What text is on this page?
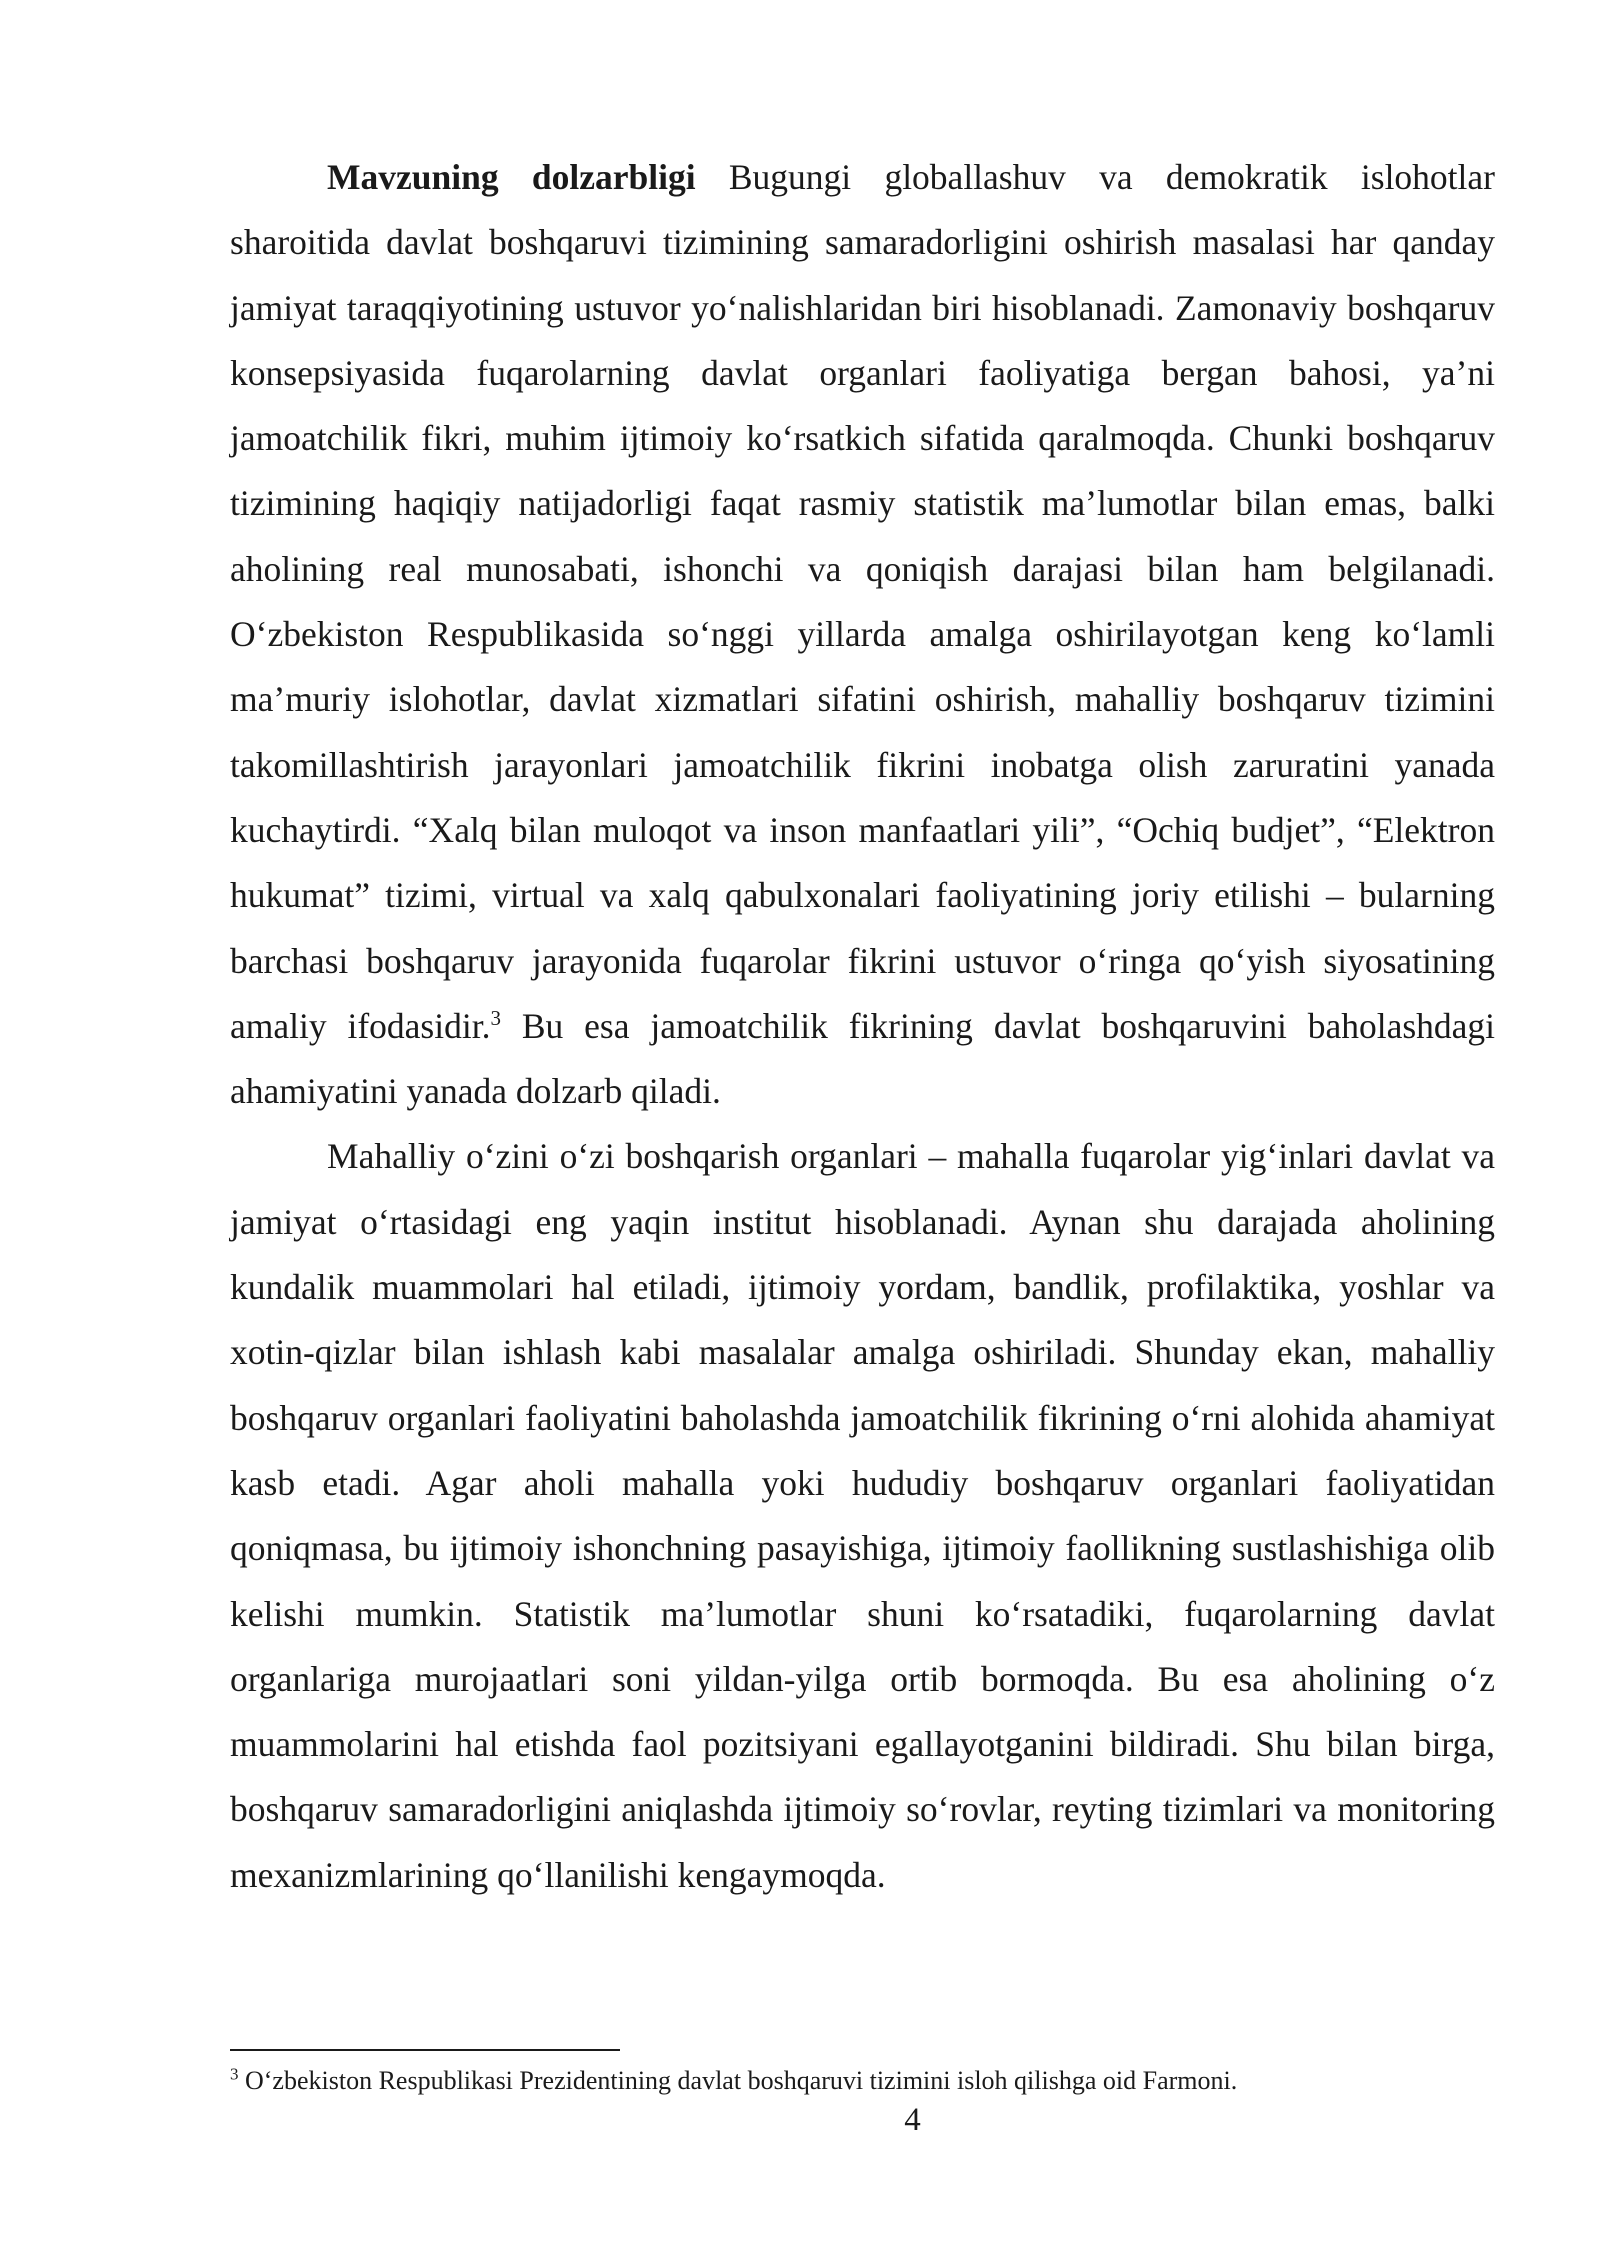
Mavzuning dolzarbligi Bugungi globallashuv va demokratik islohotlar sharoitida davlat boshqaruvi tizimining samaradorligini oshirish masalasi har qanday jamiyat taraqqiyotining ustuvor yo‘nalishlaridan biri hisoblanadi. Zamonaviy boshqaruv konsepsiyasida fuqarolarning davlat organlari faoliyatiga bergan bahosi, ya’ni jamoatchilik fikri, muhim ijtimoiy ko‘rsatkich sifatida qaralmoqda. Chunki boshqaruv tizimining haqiqiy natijadorligi faqat rasmiy statistik ma’lumotlar bilan emas, balki aholining real munosabati, ishonchi va qoniqish darajasi bilan ham belgilanadi. O‘zbekiston Respublikasida so‘nggi yillarda amalga oshirilayotgan keng ko‘lamli ma’muriy islohotlar, davlat xizmatlari sifatini oshirish, mahalliy boshqaruv tizimini takomillashtirish jarayonlari jamoatchilik fikrini inobatga olish zaruratini yanada kuchaytirdi. “Xalq bilan muloqot va inson manfaatlari yili”, “Ochiq budjet”, “Elektron hukumat” tizimi, virtual va xalq qabulxonalari faoliyatining joriy etilishi – bularning barchasi boshqaruv jarayonida fuqarolar fikrini ustuvor o‘ringa qo‘yish siyosatining amaliy ifodasidir.$^3$ Bu esa jamoatchilik fikrining davlat boshqaruvini baholashdagi ahamiyatini yanada dolzarb qiladi.

Mahalliy o‘zini o‘zi boshqarish organlari – mahalla fuqarolar yig‘inlari davlat va jamiyat o‘rtasidagi eng yaqin institut hisoblanadi. Aynan shu darajada aholining kundalik muammolari hal etiladi, ijtimoiy yordam, bandlik, profilaktika, yoshlar va xotin-qizlar bilan ishlash kabi masalalar amalga oshiriladi. Shunday ekan, mahalliy boshqaruv organlari faoliyatini baholashda jamoatchilik fikrining o‘rni alohida ahamiyat kasb etadi. Agar aholi mahalla yoki hududiy boshqaruv organlari faoliyatidan qoniqmasa, bu ijtimoiy ishonchning pasayishiga, ijtimoiy faollikning sustlashishiga olib kelishi mumkin. Statistik ma’lumotlar shuni ko‘rsatadiki, fuqarolarning davlat organlariga murojaatlari soni yildan-yilga ortib bormoqda. Bu esa aholining o‘z muammolarini hal etishda faol pozitsiyani egallayotganini bildiradi. Shu bilan birga, boshqaruv samaradorligini aniqlashda ijtimoiy so‘rovlar, reyting tizimlari va monitoring mexanizmlarining qo‘llanilishi kengaymoqda.

$^3$ O‘zbekiston Respublikasi Prezidentining davlat boshqaruvi tizimini isloh qilishga oid Farmoni.

4
